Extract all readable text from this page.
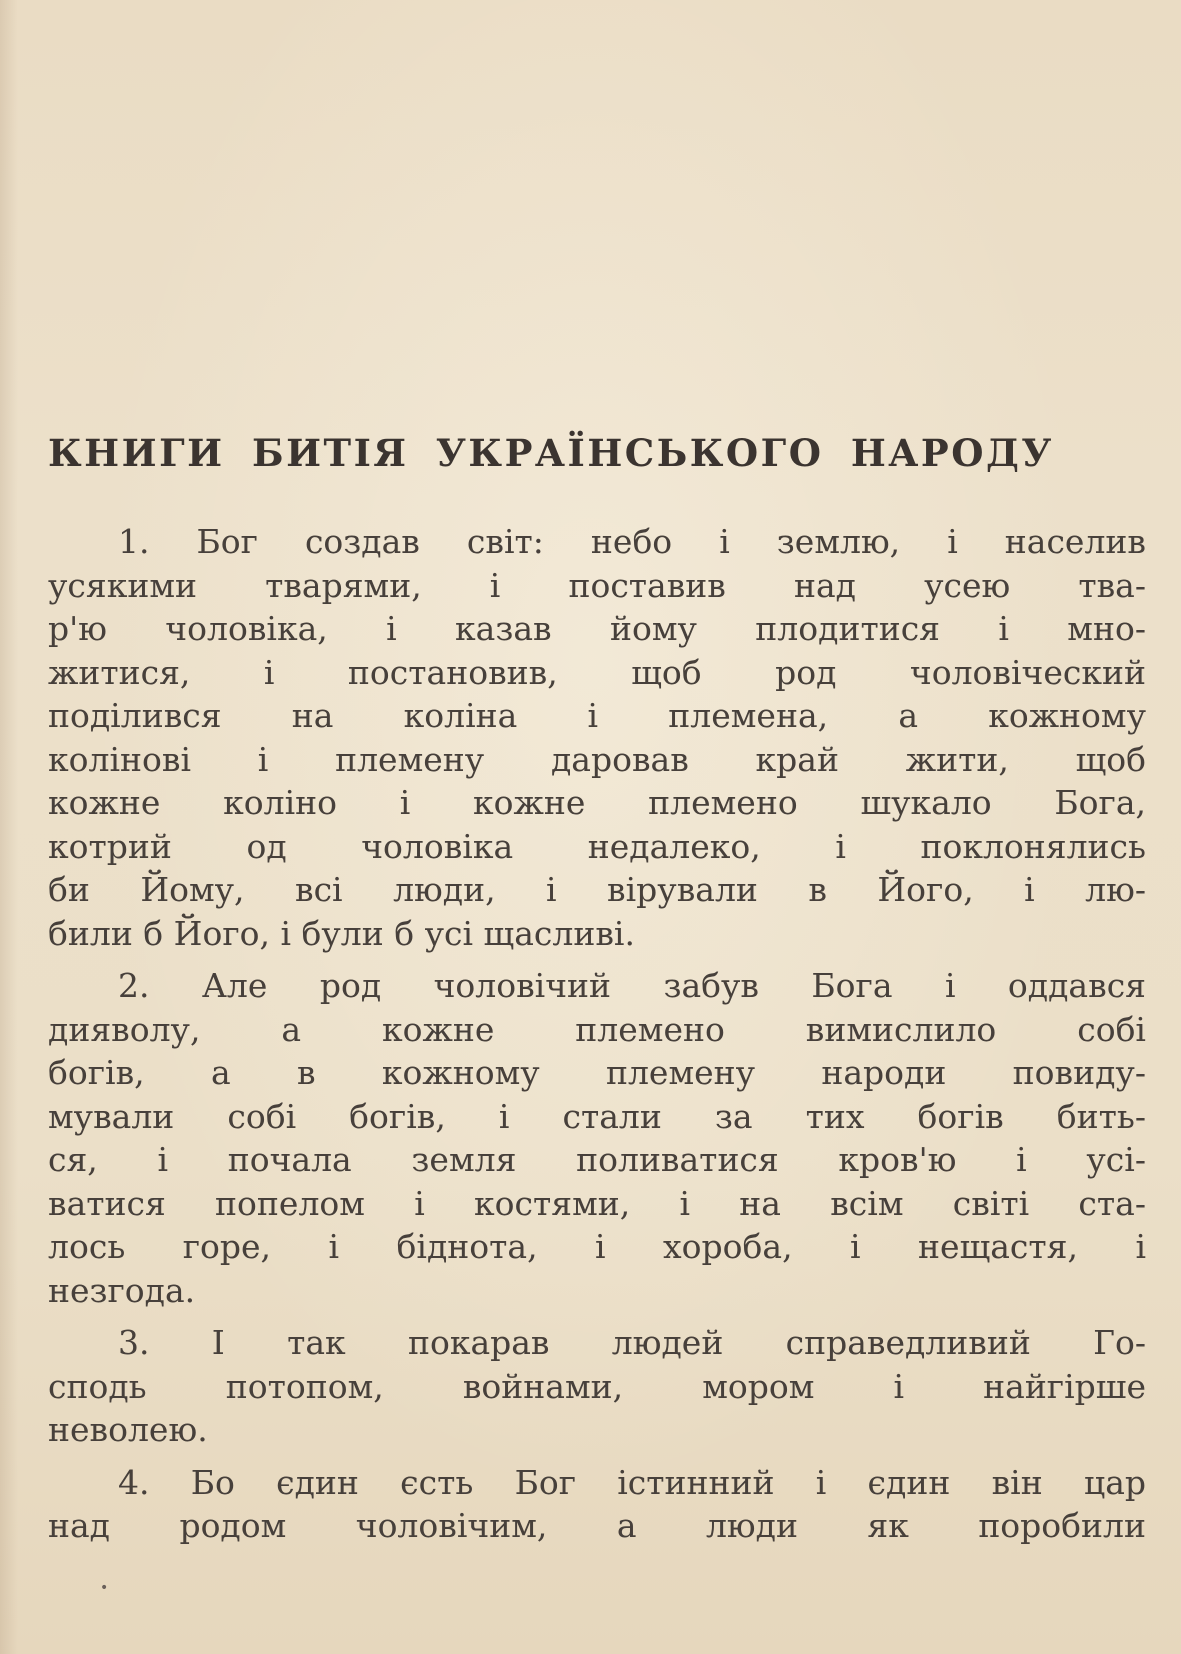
КНИГИ БИТІЯ УКРАЇНСЬКОГО НАРОДУ
1. Бог создав світ: небо і землю, і населив
усякими тварями, і поставив над усею тва-
р'ю чоловіка, і казав йому плодитися і мно-
житися, і постановив, щоб род чоловіческий
поділився на коліна і племена, а кожному
колінові і племену даровав край жити, щоб
кожне коліно і кожне племено шукало Бога,
котрий од чоловіка недалеко, і поклонялись
би Йому, всі люди, і вірували в Його, і лю-
били б Його, і були б усі щасливі.
2. Але род чоловічий забув Бога і оддався
дияволу, а кожне племено вимислило собі
богів, а в кожному племену народи повиду-
мували собі богів, і стали за тих богів бить-
ся, і почала земля поливатися кров'ю і усі-
ватися попелом і костями, і на всім світі ста-
лось горе, і біднота, і хороба, і нещастя, і
незгода.
3. І так покарав людей справедливий Го-
сподь потопом, войнами, мором і найгірше
неволею.
4. Бо єдин єсть Бог істинний і єдин він цар
над родом чоловічим, а люди як поробили
•
